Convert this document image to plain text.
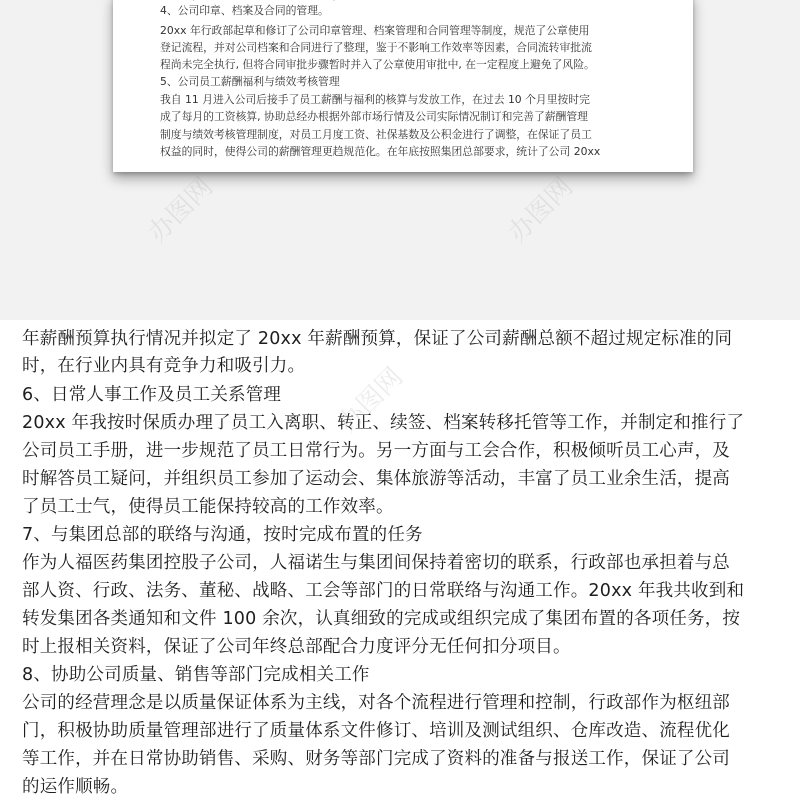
4、公司印章、档案及合同的管理。
20xx 年行政部起草和修订了公司印章管理、档案管理和合同管理等制度，规范了公章使用
登记流程，并对公司档案和合同进行了整理，鉴于不影响工作效率等因素，合同流转审批流
程尚未完全执行, 但将合同审批步骤暂时并入了公章使用审批中, 在一定程度上避免了风险。
5、公司员工薪酬福利与绩效考核管理
我自 11 月进入公司后接手了员工薪酬与福利的核算与发放工作，在过去 10 个月里按时完
成了每月的工资核算, 协助总经办根据外部市场行情及公司实际情况制订和完善了薪酬管理
制度与绩效考核管理制度，对员工月度工资、社保基数及公积金进行了调整，在保证了员工
权益的同时，使得公司的薪酬管理更趋规范化。在年底按照集团总部要求，统计了公司 20xx
办图网	办图网
年薪酬预算执行情况并拟定了 20xx 年薪酬预算，保证了公司薪酬总额不超过规定标准的同
时，在行业内具有竞争力和吸引力。
6、日常人事工作及员工关系管理
20xx 年我按时保质办理了员工入离职、转正、续签、档案转移托管等工作，并制定和推行了
公司员工手册，进一步规范了员工日常行为。另一方面与工会合作，积极倾听员工心声，及
时解答员工疑问，并组织员工参加了运动会、集体旅游等活动，丰富了员工业余生活，提高
了员工士气，使得员工能保持较高的工作效率。
7、与集团总部的联络与沟通，按时完成布置的任务
作为人福医药集团控股子公司，人福诺生与集团间保持着密切的联系，行政部也承担着与总
部人资、行政、法务、董秘、战略、工会等部门的日常联络与沟通工作。20xx 年我共收到和
转发集团各类通知和文件 100 余次，认真细致的完成或组织完成了集团布置的各项任务，按
时上报相关资料，保证了公司年终总部配合力度评分无任何扣分项目。
8、协助公司质量、销售等部门完成相关工作
公司的经营理念是以质量保证体系为主线，对各个流程进行管理和控制，行政部作为枢纽部
门，积极协助质量管理部进行了质量体系文件修订、培训及测试组织、仓库改造、流程优化
等工作，并在日常协助销售、采购、财务等部门完成了资料的准备与报送工作，保证了公司
的运作顺畅。
办图网
